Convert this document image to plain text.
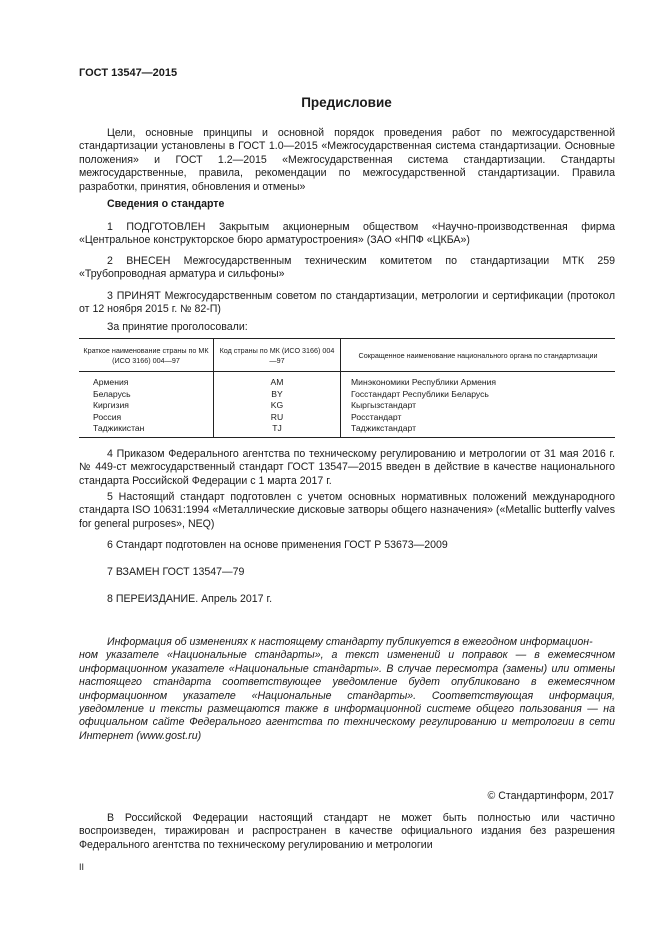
ГОСТ 13547—2015
Предисловие
Цели, основные принципы и основной порядок проведения работ по межгосударственной стандартизации установлены в ГОСТ 1.0—2015 «Межгосударственная система стандартизации. Основные положения» и ГОСТ 1.2—2015 «Межгосударственная система стандартизации. Стандарты межгосударственные, правила, рекомендации по межгосударственной стандартизации. Правила разработки, принятия, обновления и отмены»
Сведения о стандарте
1 ПОДГОТОВЛЕН Закрытым акционерным обществом «Научно-производственная фирма «Центральное конструкторское бюро арматуростроения» (ЗАО «НПФ «ЦКБА»)
2 ВНЕСЕН Межгосударственным техническим комитетом по стандартизации МТК 259 «Трубопроводная арматура и сильфоны»
3 ПРИНЯТ Межгосударственным советом по стандартизации, метрологии и сертификации (протокол от 12 ноября 2015 г. № 82-П)
За принятие проголосовали:
Краткое наименование страны по МК (ИСО 3166) 004—97	Код страны по МК (ИСО 3166) 004—97	Сокращенное наименование национального органа по стандартизации
Армения	AM	Минэкономики Республики Армения
Беларусь	BY	Госстандарт Республики Беларусь
Киргизия	KG	Кыргызстандарт
Россия	RU	Росстандарт
Таджикистан	TJ	Таджикстандарт
4 Приказом Федерального агентства по техническому регулированию и метрологии от 31 мая 2016 г. № 449-ст межгосударственный стандарт ГОСТ 13547—2015 введен в действие в качестве национального стандарта Российской Федерации с 1 марта 2017 г.
5 Настоящий стандарт подготовлен с учетом основных нормативных положений международного стандарта ISO 10631:1994 «Металлические дисковые затворы общего назначения» («Metallic butterfly valves for general purposes», NEQ)
6 Стандарт подготовлен на основе применения ГОСТ Р 53673—2009
7 ВЗАМЕН ГОСТ 13547—79
8 ПЕРЕИЗДАНИЕ. Апрель 2017 г.
Информация об изменениях к настоящему стандарту публикуется в ежегодном информацион-
ном указателе «Национальные стандарты», а текст изменений и поправок — в ежемесячном информационном указателе «Национальные стандарты». В случае пересмотра (замены) или отмены настоящего стандарта соответствующее уведомление будет опубликовано в ежемесячном информационном указателе «Национальные стандарты». Соответствующая информация, уведомление и тексты размещаются также в информационной системе общего пользования — на официальном сайте Федерального агентства по техническому регулированию и метрологии в сети Интернет (www.gost.ru)
© Стандартинформ, 2017
В Российской Федерации настоящий стандарт не может быть полностью или частично воспроизведен, тиражирован и распространен в качестве официального издания без разрешения Федерального агентства по техническому регулированию и метрологии
II
